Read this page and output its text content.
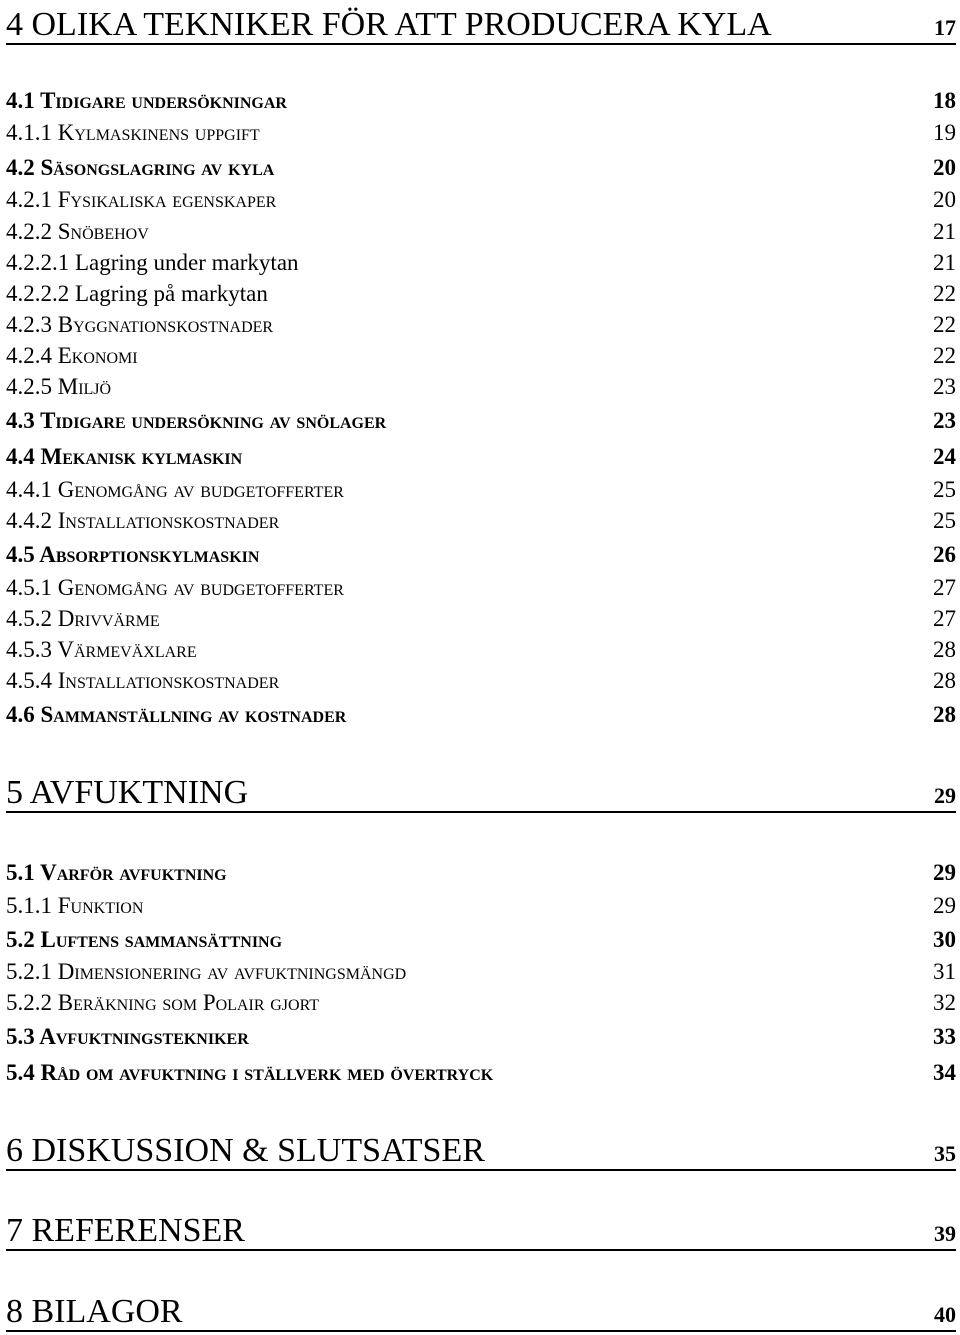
4 OLIKA TEKNIKER FÖR ATT PRODUCERA KYLA	17
4.1 Tidigare undersökningar	18
4.1.1 Kylmaskinens uppgift	19
4.2 Säsongslagring av kyla	20
4.2.1 Fysikaliska egenskaper	20
4.2.2 Snöbehov	21
4.2.2.1 Lagring under markytan	21
4.2.2.2 Lagring på markytan	22
4.2.3 Byggnationskostnader	22
4.2.4 Ekonomi	22
4.2.5 Miljö	23
4.3 Tidigare undersökning av snölager	23
4.4 Mekanisk kylmaskin	24
4.4.1 Genomgång av budgetofferter	25
4.4.2 Installationskostnader	25
4.5 Absorptionskylmaskin	26
4.5.1 Genomgång av budgetofferter	27
4.5.2 Drivvärme	27
4.5.3 Värmeväxlare	28
4.5.4 Installationskostnader	28
4.6 Sammanställning av kostnader	28
5 AVFUKTNING	29
5.1 Varför avfuktning	29
5.1.1 Funktion	29
5.2 Luftens sammansättning	30
5.2.1 Dimensionering av avfuktningsmängd	31
5.2.2 Beräkning som Polair gjort	32
5.3 Avfuktningstekniker	33
5.4 Råd om avfuktning i ställverk med övertryck	34
6 DISKUSSION & SLUTSATSER	35
7 REFERENSER	39
8 BILAGOR	40
